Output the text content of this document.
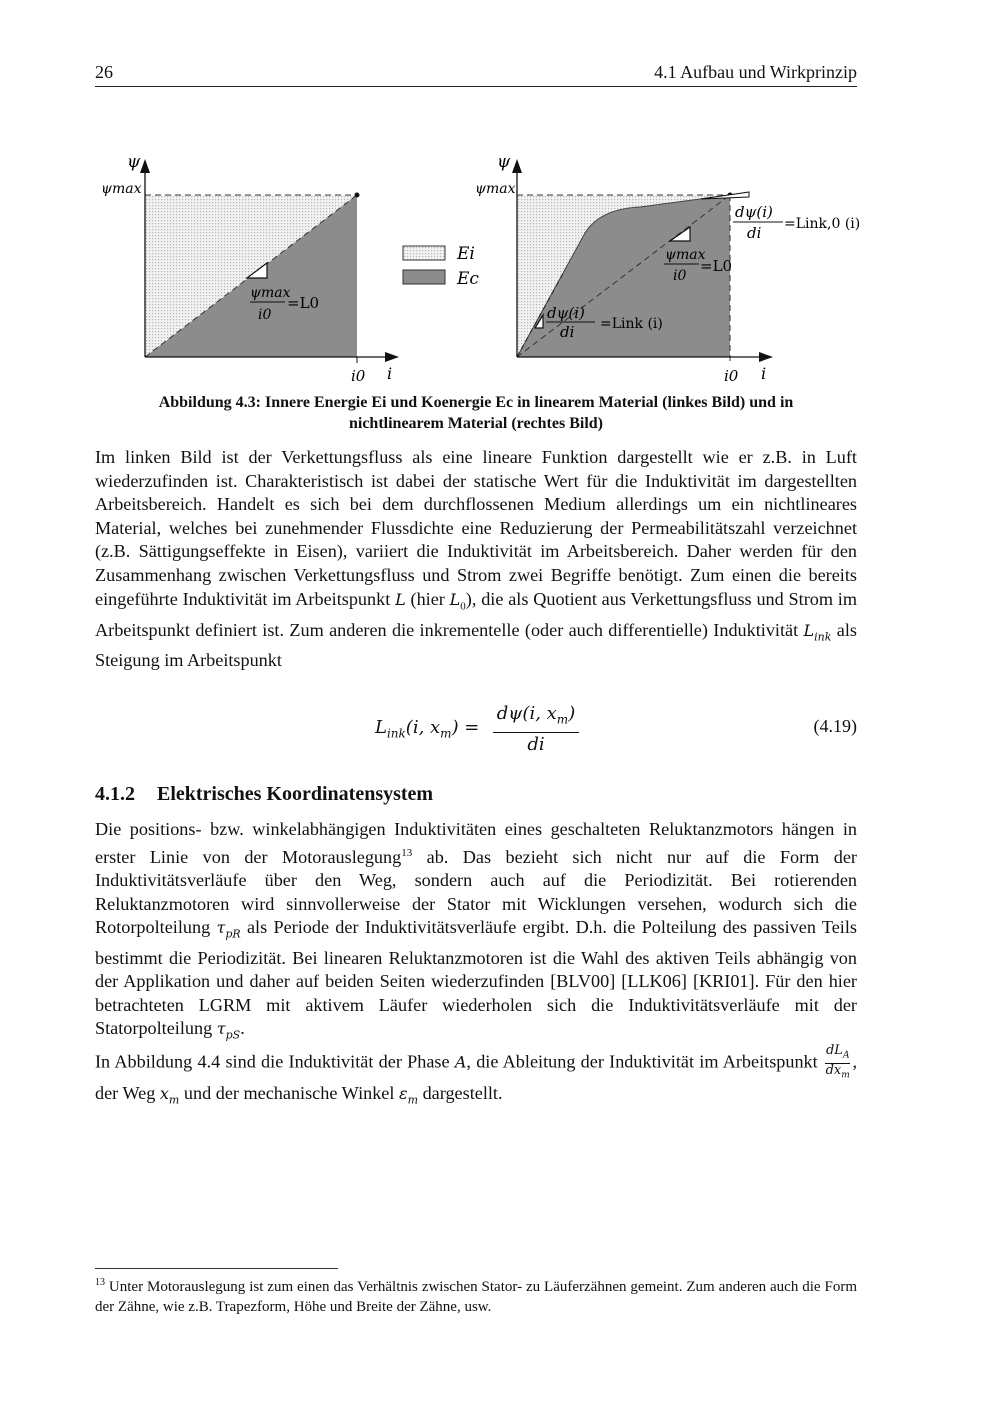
26	4.1 Aufbau und Wirkprinzip
ψ
ψmax
ψmax
i0
=L0
i0 i
Ei
Ec
ψ
ψmax
dψ(i)
di =Link,0 (i)
ψmax
i0
=L0
dψ(i)
di =Link (i)
i0 i
Abbildung 4.3: Innere Energie Ei und Koenergie Ec in linearem Material (linkes Bild) und in
nichtlinearem Material (rechtes Bild)

Im linken Bild ist der Verkettungsfluss als eine lineare Funktion dargestellt wie er z.B. in Luft wiederzufinden ist. Charakteristisch ist dabei der statische Wert für die Induktivität im dargestellten Arbeitsbereich. Handelt es sich bei dem durchflossenen Medium allerdings um ein nichtlineares Material, welches bei zunehmender Flussdichte eine Reduzierung der Permeabilitätszahl verzeichnet (z.B. Sättigungseffekte in Eisen), variiert die Induktivität im Arbeitsbereich. Daher werden für den Zusammenhang zwischen Verkettungsfluss und Strom zwei Begriffe benötigt. Zum einen die bereits eingeführte Induktivität im Arbeitspunkt L (hier $L_0$), die als Quotient aus Verkettungsfluss und Strom im Arbeitspunkt definiert ist. Zum anderen die inkrementelle (oder auch differentielle) Induktivität $L_{ink}$ als Steigung im Arbeitspunkt

$L_{ink}(i$, $x_m$) =
dψ(i, $x_m$)
di
(4.19)
4.1.2 Elektrisches Koordinatensystem

Die positions- bzw. winkelabhängigen Induktivitäten eines geschalteten Reluktanzmotors hängen in erster Linie von der Motorauslegung$^{13}$ ab. Das bezieht sich nicht nur auf die Form der Induktivitätsverläufe über den Weg, sondern auch auf die Periodizität. Bei rotierenden Reluktanzmotoren wird sinnvollerweise der Stator mit Wicklungen versehen, wodurch sich die Rotorpolteilung $\tau_{pR}$ als Periode der Induktivitätsverläufe ergibt. D.h. die Polteilung des passiven Teils bestimmt die Periodizität. Bei linearen Reluktanzmotoren ist die Wahl des aktiven Teils abhängig von der Applikation und daher auf beiden Seiten wiederzufinden [BLV00] [LLK06] [KRI01]. Für den hier betrachteten LGRM mit aktivem Läufer wiederholen sich die Induktivitätsverläufe mit der Statorpolteilung $\tau_{pS}$.

In Abbildung 4.4 sind die Induktivität der Phase A, die Ableitung der Induktivität im Arbeitspunkt $\frac{dL_A}{dx_m}$ , der Weg $x_m$ und der mechanische Winkel $\varepsilon_m$ dargestellt.

$^{13}$ Unter Motorauslegung ist zum einen das Verhältnis zwischen Stator- zu Läuferzähnen gemeint. Zum anderen auch die Form der Zähne, wie z.B. Trapezform, Höhe und Breite der Zähne, usw.
